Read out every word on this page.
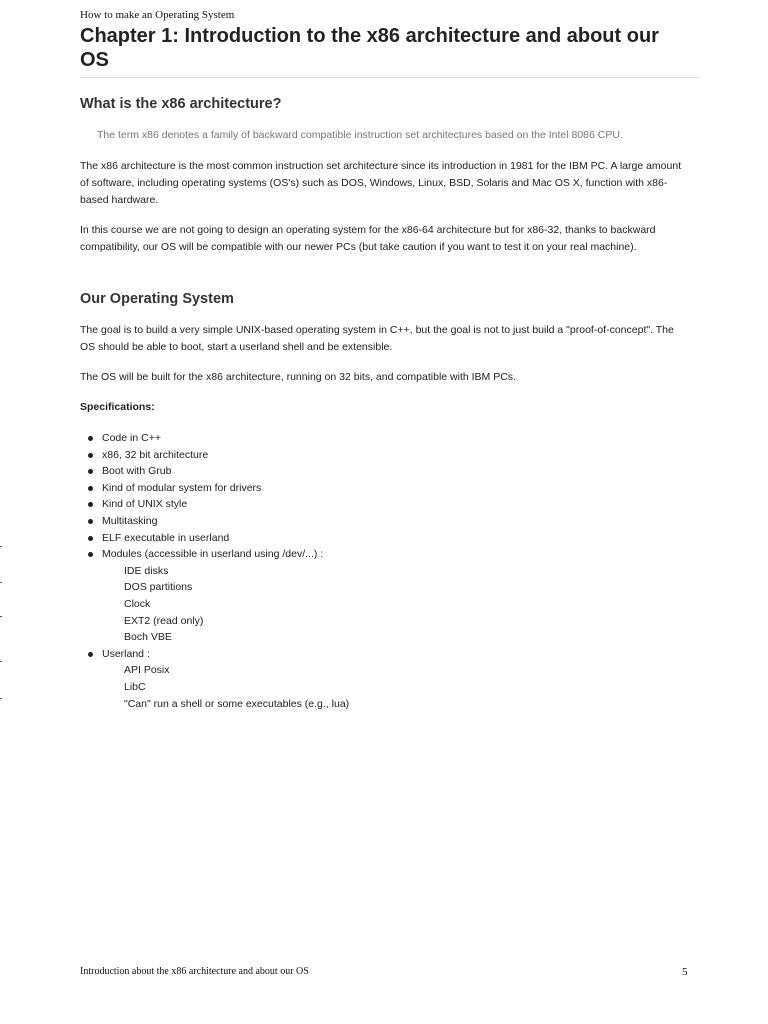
How to make an Operating System
Chapter 1: Introduction to the x86 architecture and about our OS
What is the x86 architecture?

The term x86 denotes a family of backward compatible instruction set architectures based on the Intel 8086 CPU.

The x86 architecture is the most common instruction set architecture since its introduction in 1981 for the IBM PC. A large amount of software, including operating systems (OS's) such as DOS, Windows, Linux, BSD, Solaris and Mac OS X, function with x86-based hardware.

In this course we are not going to design an operating system for the x86-64 architecture but for x86-32, thanks to backward compatibility, our OS will be compatible with our newer PCs (but take caution if you want to test it on your real machine).

Our Operating System

The goal is to build a very simple UNIX-based operating system in C++, but the goal is not to just build a "proof-of-concept". The OS should be able to boot, start a userland shell and be extensible.

The OS will be built for the x86 architecture, running on 32 bits, and compatible with IBM PCs.

Specifications:

Code in C++
x86, 32 bit architecture
Boot with Grub
Kind of modular system for drivers
Kind of UNIX style
Multitasking
ELF executable in userland
Modules (accessible in userland using /dev/...) :
IDE disks
DOS partitions
Clock
EXT2 (read only)
Boch VBE
Userland :
API Posix
LibC
"Can" run a shell or some executables (e.g., lua)
Introduction about the x86 architecture and about our OS	5
